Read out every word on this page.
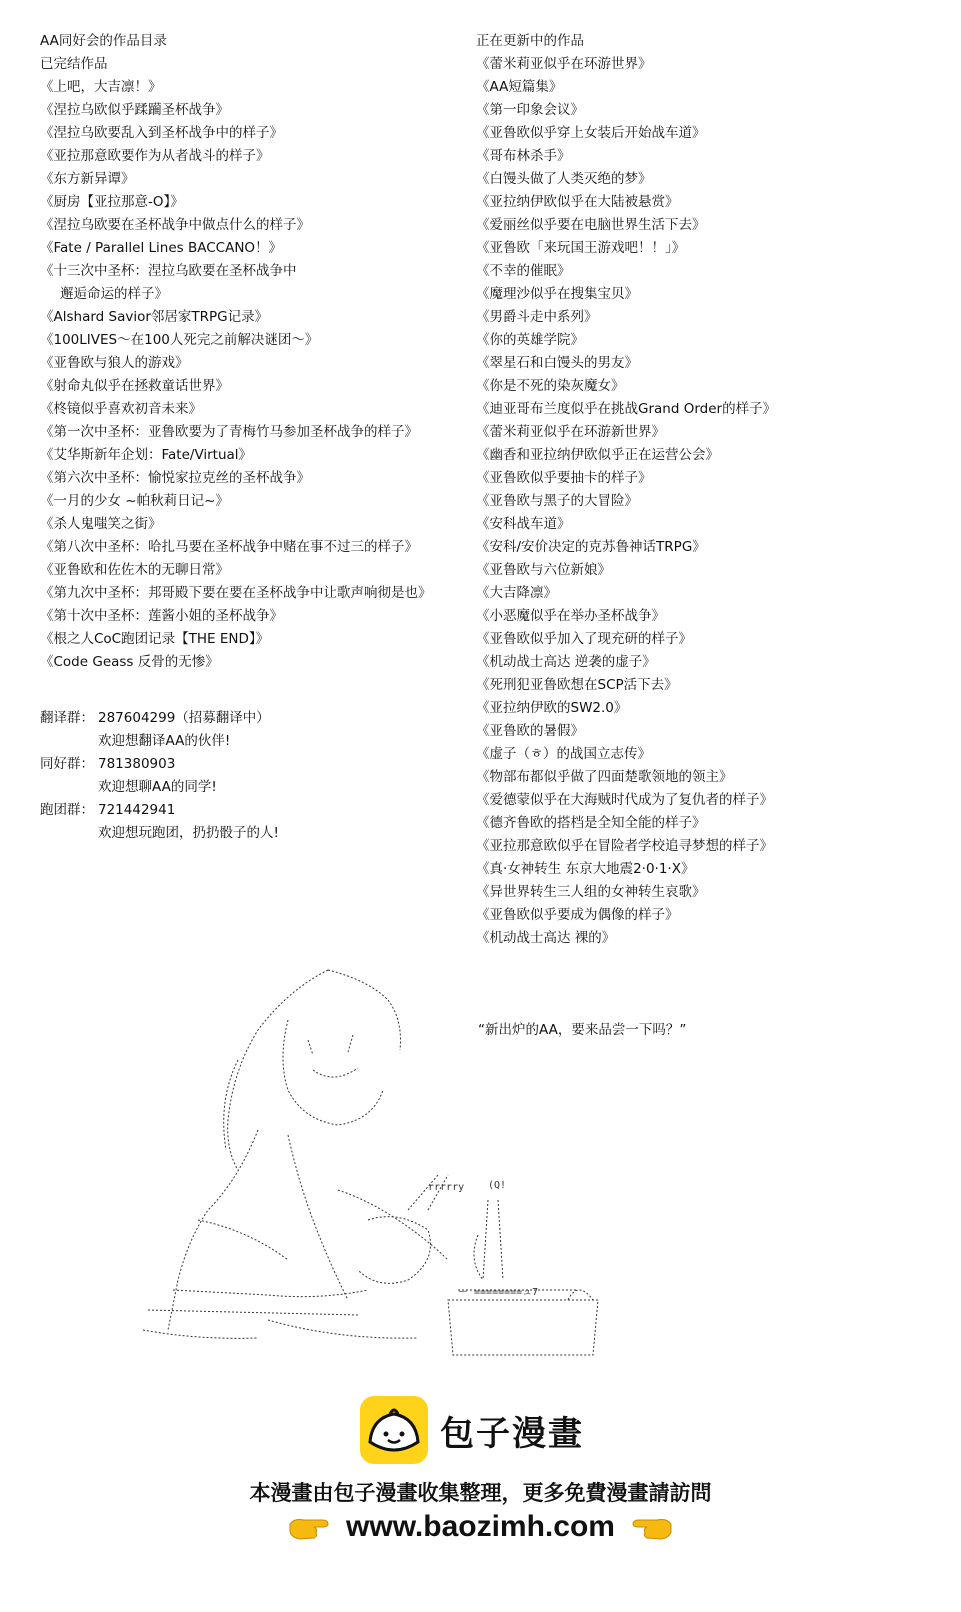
AA同好会的作品目录
已完结作品
《上吧，大吉凛！》
《涅拉乌欧似乎蹂躏圣杯战争》
《涅拉乌欧要乱入到圣杯战争中的样子》
《亚拉那意欧要作为从者战斗的样子》
《东方新异谭》
《厨房【亚拉那意-O】》
《涅拉乌欧要在圣杯战争中做点什么的样子》
《Fate / Parallel Lines BACCANO！》
《十三次中圣杯：涅拉乌欧要在圣杯战争中
邂逅命运的样子》
《Alshard Savior邻居家TRPG记录》
《100LIVES～在100人死完之前解决谜团～》
《亚鲁欧与狼人的游戏》
《射命丸似乎在拯救童话世界》
《柊镜似乎喜欢初音未来》
《第一次中圣杯：亚鲁欧要为了青梅竹马参加圣杯战争的样子》
《艾华斯新年企划：Fate/Virtual》
《第六次中圣杯：愉悦家拉克丝的圣杯战争》
《一月的少女 ~帕秋莉日记~》
《杀人鬼嗤笑之街》
《第八次中圣杯：哈扎马要在圣杯战争中赌在事不过三的样子》
《亚鲁欧和佐佐木的无聊日常》
《第九次中圣杯：邦哥殿下要在要在圣杯战争中让歌声响彻是也》
《第十次中圣杯：莲酱小姐的圣杯战争》
《根之人CoC跑团记录【THE END】》
《Code Geass 反骨的无惨》
翻译群： 287604299（招募翻译中）
欢迎想翻译AA的伙伴!
同好群： 781380903
欢迎想聊AA的同学!
跑团群： 721442941
欢迎想玩跑团，扔扔骰子的人!
正在更新中的作品
《蕾米莉亚似乎在环游世界》
《AA短篇集》
《第一印象会议》
《亚鲁欧似乎穿上女装后开始战车道》
《哥布林杀手》
《白馒头做了人类灭绝的梦》
《亚拉纳伊欧似乎在大陆被悬赏》
《爱丽丝似乎要在电脑世界生活下去》
《亚鲁欧「来玩国王游戏吧！！」》
《不幸的催眠》
《魔理沙似乎在搜集宝贝》
《男爵斗走中系列》
《你的英雄学院》
《翠星石和白馒头的男友》
《你是不死的染灰魔女》
《迪亚哥布兰度似乎在挑战Grand Order的样子》
《蕾米莉亚似乎在环游新世界》
《幽香和亚拉纳伊欧似乎正在运营公会》
《亚鲁欧似乎要抽卡的样子》
《亚鲁欧与黑子的大冒险》
《安科战车道》
《安科/安价决定的克苏鲁神话TRPG》
《亚鲁欧与六位新娘》
《大吉降凛》
《小恶魔似乎在举办圣杯战争》
《亚鲁欧似乎加入了现充研的样子》
《机动战士高达 逆袭的虚子》
《死刑犯亚鲁欧想在SCP活下去》
《亚拉纳伊欧的SW2.0》
《亚鲁欧的暑假》
《虚子（ㅎ）的战国立志传》
《物部布都似乎做了四面楚歌领地的领主》
《爱德蒙似乎在大海贼时代成为了复仇者的样子》
《德齐鲁欧的搭档是全知全能的样子》
《亚拉那意欧似乎在冒险者学校追寻梦想的样子》
《真·女神转生 东京大地震2·0·1·X》
《异世界转生三人组的女神转生哀歌》
《亚鲁欧似乎要成为偶像的样子》
《机动战士高达 裸的》
rrrrry (Q!
ー ========ュ7
“新出炉的AA，要来品尝一下吗？”
包子漫畫
本漫畫由包子漫畫收集整理，更多免費漫畫請訪問
www.baozimh.com
